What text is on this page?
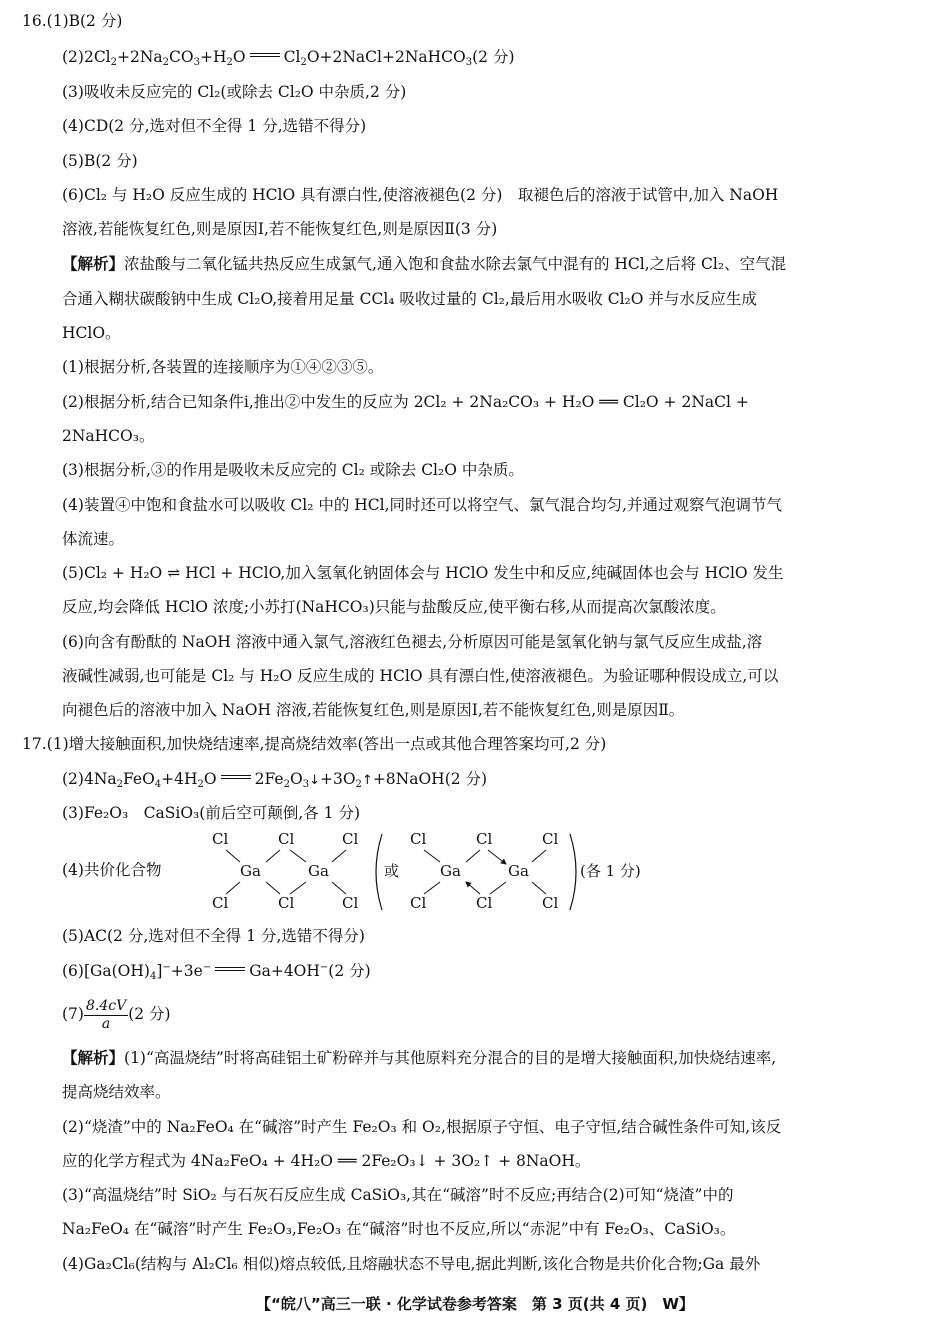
16.(1)B(2 分)
$(2)2Cl_2+2Na_2CO_3+H_2O$ $Cl_2O+2NaCl+2NaHCO_3(2$ 分)
(3)吸收未反应完的 Cl₂(或除去 Cl₂O 中杂质,2 分)
(4)CD(2 分,选对但不全得 1 分,选错不得分)
(5)B(2 分)
(6)Cl₂ 与 H₂O 反应生成的 HClO 具有漂白性,使溶液褪色(2 分)　取褪色后的溶液于试管中,加入 NaOH
溶液,若能恢复红色,则是原因Ⅰ,若不能恢复红色,则是原因Ⅱ(3 分)
【解析】浓盐酸与二氧化锰共热反应生成氯气,通入饱和食盐水除去氯气中混有的 HCl,之后将 Cl₂、空气混
合通入糊状碳酸钠中生成 Cl₂O,接着用足量 CCl₄ 吸收过量的 Cl₂,最后用水吸收 Cl₂O 并与水反应生成
HClO。
(1)根据分析,各装置的连接顺序为①④②③⑤。
(2)根据分析,结合已知条件ⅰ,推出②中发生的反应为 2Cl₂ + 2Na₂CO₃ + H₂O ══ Cl₂O + 2NaCl +
2NaHCO₃。
(3)根据分析,③的作用是吸收未反应完的 Cl₂ 或除去 Cl₂O 中杂质。
(4)装置④中饱和食盐水可以吸收 Cl₂ 中的 HCl,同时还可以将空气、氯气混合均匀,并通过观察气泡调节气
体流速。
(5)Cl₂ + H₂O ⇌ HCl + HClO,加入氢氧化钠固体会与 HClO 发生中和反应,纯碱固体也会与 HClO 发生
反应,均会降低 HClO 浓度;小苏打(NaHCO₃)只能与盐酸反应,使平衡右移,从而提高次氯酸浓度。
(6)向含有酚酞的 NaOH 溶液中通入氯气,溶液红色褪去,分析原因可能是氢氧化钠与氯气反应生成盐,溶
液碱性减弱,也可能是 Cl₂ 与 H₂O 反应生成的 HClO 具有漂白性,使溶液褪色。为验证哪种假设成立,可以
向褪色后的溶液中加入 NaOH 溶液,若能恢复红色,则是原因Ⅰ,若不能恢复红色,则是原因Ⅱ。
17.(1)增大接触面积,加快烧结速率,提高烧结效率(答出一点或其他合理答案均可,2 分)
$(2)4Na_2FeO_4+4H_2O$ $2Fe_2O_3↓+3O_2↑+8NaOH(2$ 分)
(3)Fe₂O₃　CaSiO₃(前后空可颠倒,各 1 分)
(4)共价化合物
Cl	Cl	Cl
Ga	Ga
Cl	Cl	Cl
或
Cl	Cl	Cl
Ga	Ga
Cl	Cl	Cl
(各 1 分)
(5)AC(2 分,选对但不全得 1 分,选错不得分)
$(6)[Ga(OH)_4]^-+3e^-$ Ga+4OH−(2 分)
$(7) \frac{8.4cV}{a} (2$ 分)
【解析】(1)“高温烧结”时将高硅铝土矿粉碎并与其他原料充分混合的目的是增大接触面积,加快烧结速率,
提高烧结效率。
(2)“烧渣”中的 Na₂FeO₄ 在“碱溶”时产生 Fe₂O₃ 和 O₂,根据原子守恒、电子守恒,结合碱性条件可知,该反
应的化学方程式为 4Na₂FeO₄ + 4H₂O ══ 2Fe₂O₃↓ + 3O₂↑ + 8NaOH。
(3)“高温烧结”时 SiO₂ 与石灰石反应生成 CaSiO₃,其在“碱溶”时不反应;再结合(2)可知“烧渣”中的
Na₂FeO₄ 在“碱溶”时产生 Fe₂O₃,Fe₂O₃ 在“碱溶”时也不反应,所以“赤泥”中有 Fe₂O₃、CaSiO₃。
(4)Ga₂Cl₆(结构与 Al₂Cl₆ 相似)熔点较低,且熔融状态不导电,据此判断,该化合物是共价化合物;Ga 最外
【“皖八”高三一联 · 化学试卷参考答案　第 3 页(共 4 页)　W】
